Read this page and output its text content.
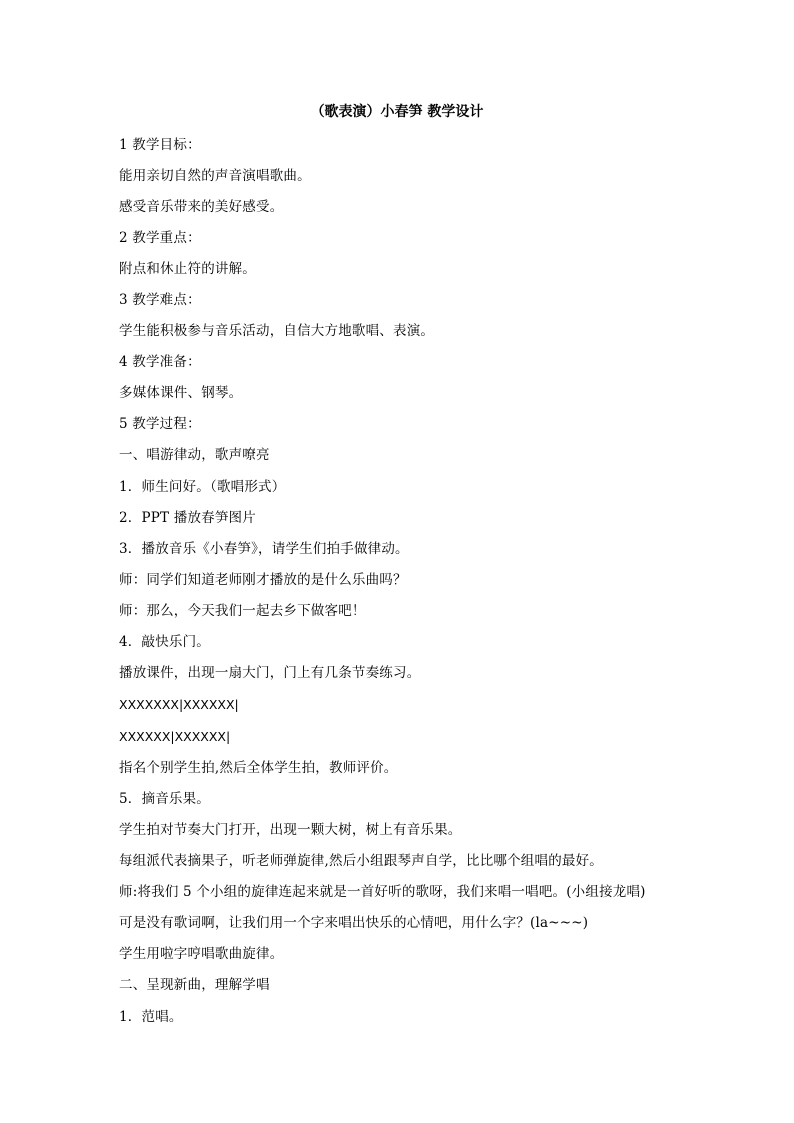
（歌表演）小春笋 教学设计
1 教学目标：
能用亲切自然的声音演唱歌曲。
感受音乐带来的美好感受。
2 教学重点：
附点和休止符的讲解。
3 教学难点：
学生能积极参与音乐活动，自信大方地歌唱、表演。
4 教学准备：
多媒体课件、钢琴。
5 教学过程：
一、唱游律动，歌声嘹亮
1．师生问好。（歌唱形式）
2．PPT 播放春笋图片
3．播放音乐《小春笋》，请学生们拍手做律动。
师：同学们知道老师刚才播放的是什么乐曲吗？
师：那么，今天我们一起去乡下做客吧！
4．敲快乐门。
播放课件，出现一扇大门，门上有几条节奏练习。
XXXXXXX|XXXXXX|
XXXXXX|XXXXXX|
指名个别学生拍,然后全体学生拍，教师评价。
5．摘音乐果。
学生拍对节奏大门打开，出现一颗大树，树上有音乐果。
每组派代表摘果子，听老师弹旋律,然后小组跟琴声自学，比比哪个组唱的最好。
师:将我们 5 个小组的旋律连起来就是一首好听的歌呀，我们来唱一唱吧。(小组接龙唱)
可是没有歌词啊，让我们用一个字来唱出快乐的心情吧，用什么字？(la~~~)
学生用啦字哼唱歌曲旋律。
二、呈现新曲，理解学唱
1．范唱。
